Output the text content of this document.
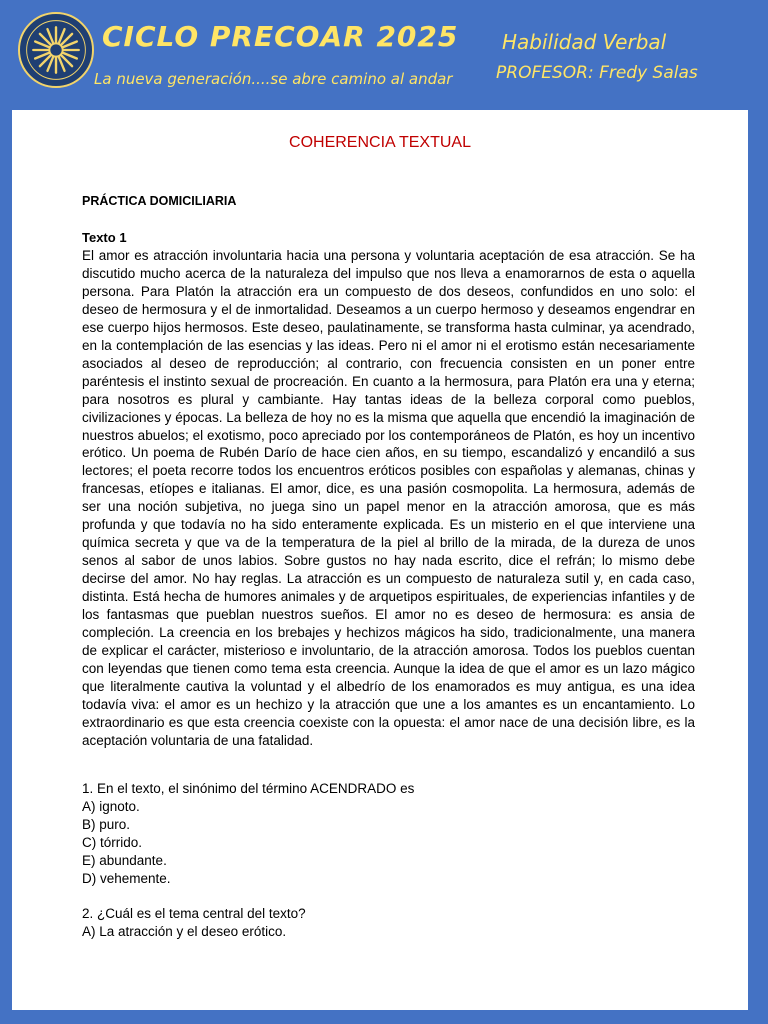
CICLO PRECOAR 2025
La nueva generación....se abre camino al andar
Habilidad Verbal
PROFESOR: Fredy Salas
COHERENCIA TEXTUAL
PRÁCTICA DOMICILIARIA
Texto 1

El amor es atracción involuntaria hacia una persona y voluntaria aceptación de esa atracción. Se ha discutido mucho acerca de la naturaleza del impulso que nos lleva a enamorarnos de esta o aquella persona. Para Platón la atracción era un compuesto de dos deseos, confundidos en uno solo: el deseo de hermosura y el de inmortalidad. Deseamos a un cuerpo hermoso y deseamos engendrar en ese cuerpo hijos hermosos. Este deseo, paulatinamente, se transforma hasta culminar, ya acendrado, en la contemplación de las esencias y las ideas. Pero ni el amor ni el erotismo están necesariamente asociados al deseo de reproducción; al contrario, con frecuencia consisten en un poner entre paréntesis el instinto sexual de procreación. En cuanto a la hermosura, para Platón era una y eterna; para nosotros es plural y cambiante. Hay tantas ideas de la belleza corporal como pueblos, civilizaciones y épocas. La belleza de hoy no es la misma que aquella que encendió la imaginación de nuestros abuelos; el exotismo, poco apreciado por los contemporáneos de Platón, es hoy un incentivo erótico. Un poema de Rubén Darío de hace cien años, en su tiempo, escandalizó y encandiló a sus lectores; el poeta recorre todos los encuentros eróticos posibles con españolas y alemanas, chinas y francesas, etíopes e italianas. El amor, dice, es una pasión cosmopolita. La hermosura, además de ser una noción subjetiva, no juega sino un papel menor en la atracción amorosa, que es más profunda y que todavía no ha sido enteramente explicada. Es un misterio en el que interviene una química secreta y que va de la temperatura de la piel al brillo de la mirada, de la dureza de unos senos al sabor de unos labios. Sobre gustos no hay nada escrito, dice el refrán; lo mismo debe decirse del amor. No hay reglas. La atracción es un compuesto de naturaleza sutil y, en cada caso, distinta. Está hecha de humores animales y de arquetipos espirituales, de experiencias infantiles y de los fantasmas que pueblan nuestros sueños. El amor no es deseo de hermosura: es ansia de compleción. La creencia en los brebajes y hechizos mágicos ha sido, tradicionalmente, una manera de explicar el carácter, misterioso e involuntario, de la atracción amorosa. Todos los pueblos cuentan con leyendas que tienen como tema esta creencia. Aunque la idea de que el amor es un lazo mágico que literalmente cautiva la voluntad y el albedrío de los enamorados es muy antigua, es una idea todavía viva: el amor es un hechizo y la atracción que une a los amantes es un encantamiento. Lo extraordinario es que esta creencia coexiste con la opuesta: el amor nace de una decisión libre, es la aceptación voluntaria de una fatalidad.

1. En el texto, el sinónimo del término ACENDRADO es
A) ignoto.
B) puro.
C) tórrido.
E) abundante.
D) vehemente.
2. ¿Cuál es el tema central del texto?
A) La atracción y el deseo erótico.
